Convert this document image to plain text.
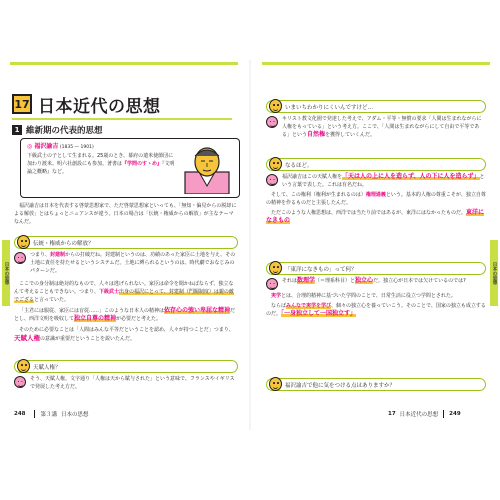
日本の思想	日本の思想
17 日本近代の思想
1 維新期の代表的思想
◎ 福沢諭吉 (1835 ― 1901)
下級武士の子として生まれる。25歳のとき、幕府の遣米使節団に加わり渡米。明六社創設にも参加。著書は『学問のすゝめ』『文明論之概略』など。

福沢諭吉は日本を代表する啓蒙思想家で、ただ啓蒙思想家といっても、「無知・偏見からの脱却による解放」とはちょっとニュアンスが違う。日本の場合は「伝統・権威からの解放」が主なテーマなんだ。

伝統・権威からの解放？

つまり、封建制からの打破だね。封建制というのは、功績のあった家臣に土地を与え、その土地に責任を持たせるというシステムだ。土地に縛られるというのは、時代劇でおなじみのパターンだ。

ここでの身分制は絶対的なもので、人々は逃げられない。家臣は命令を聞かねばならず、独立なんて考えることもできない。つまり、下級武士出身の福沢にとって、封建制（門閥制度）は親の敵でござると言っていた。

「主君には服従、家臣には盲従……」このような日本人の精神は依存心の強い卑屈な精神だとし、西洋文明を吸収して独立自尊の精神が必要だと考えた。

そのために必要なことは「人間はみんな平等だということを認め、人々が持つことだ」つまり、天賦人権の意識が重要だということを説いたんだ。

天賦人権？

そう、天賦人権。文字通り「人権は天から賦与された」という意味で、フランスやイギリスで発展した考え方だ。

248	第３講 日本の思想
いまいちわかりにくいんですけど…

キリスト教文化圏で発達した考えで、アダム・平等・無償の要求「人間は生まれながらに人権をもっている」という考え方。ここで、「人間は生まれながらにして自由で平等である」という自然権を獲得していくんだ。

なるほど。

福沢諭吉はこの天賦人権を「天は人の上に人を造らず、人の下に人を造らず」という言葉で表した。これは有名だね。

そして、この権利（権利が生まれるのは）権理通義という。基本的人権の尊重こそが、独立自尊の精神を作るものだと主張したんだ。

ただこのような人権思想は、西洋では当たり前ではあるが、東洋にはなかったものだ。東洋になきもの

「東洋になきもの」って何？

それは数理学（＝理系科目）と独立心だ。独立心が日本では欠けているのでは?

実学とは、合理的精神に基づいた学問のことで、日常生活に役立つ学問とされた。

ならばみんなで実学を学び、個々の独立心を養っていこう。そのことで、国家の独立も成立するのだ。「一身独立して一国独立す」

福沢諭吉で他に気をつける点はありますか？
17 日本近代の思想 249
